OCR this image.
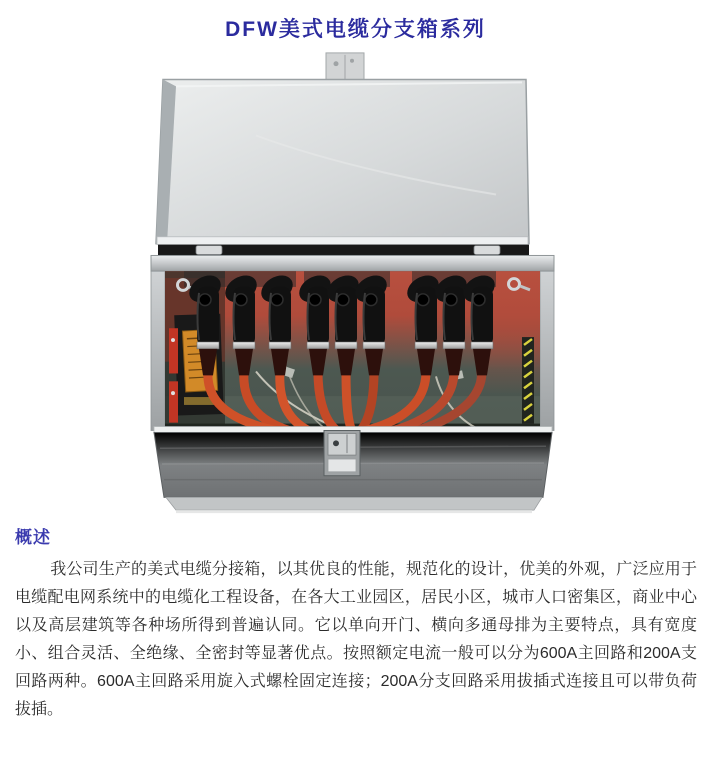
DFW美式电缆分支箱系列
概述

我公司生产的美式电缆分接箱，以其优良的性能，规范化的设计，优美的外观，广泛应用于电缆配电网系统中的电缆化工程设备，在各大工业园区，居民小区，城市人口密集区，商业中心以及高层建筑等各种场所得到普遍认同。它以单向开门、横向多通母排为主要特点，具有宽度小、组合灵活、全绝缘、全密封等显著优点。按照额定电流一般可以分为600A主回路和200A支回路两种。600A主回路采用旋入式螺栓固定连接；200A分支回路采用拔插式连接且可以带负荷拔插。
